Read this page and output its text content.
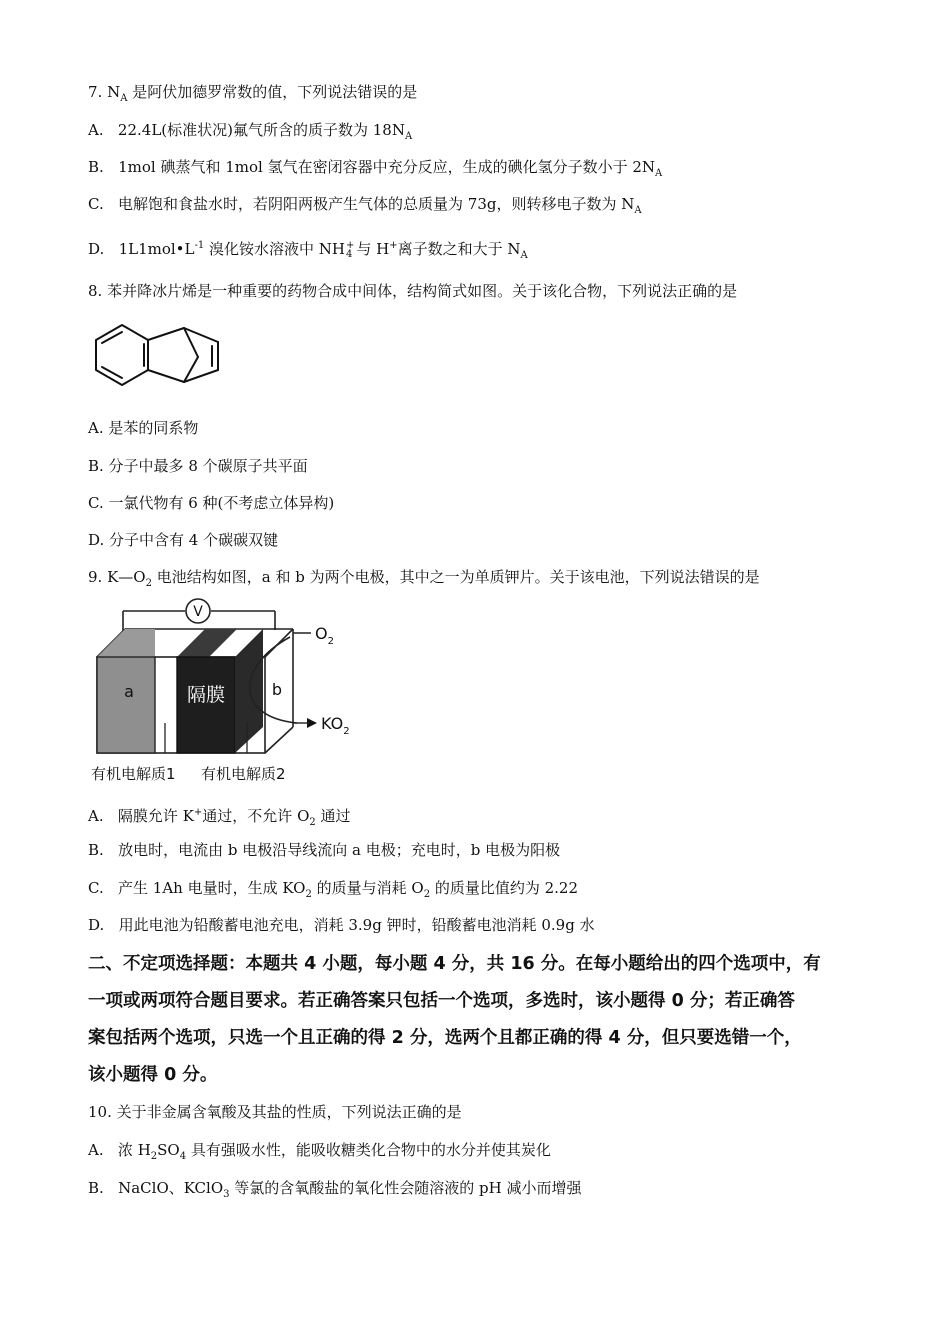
7. $N_A$ 是阿伏加德罗常数的值，下列说法错误的是
A. 22.4L(标准状况)氟气所含的质子数为 $18N_A$
B. 1mol 碘蒸气和 1mol 氢气在密闭容器中充分反应，生成的碘化氢分子数小于 $2N_A$
C. 电解饱和食盐水时，若阴阳两极产生气体的总质量为 73g，则转移电子数为 $N_A$
D. $1L1mol•L^{-1}$ 溴化铵水溶液中 NH +
4 与 H+离子数之和大于 $N_A$
8. 苯并降冰片烯是一种重要的药物合成中间体，结构简式如图。关于该化合物，下列说法正确的是
A. 是苯的同系物
B. 分子中最多 8 个碳原子共平面
C. 一氯代物有 6 种(不考虑立体异构)
D. 分子中含有 4 个碳碳双键
9. $K—O_2$ 电池结构如图，a 和 b 为两个电极，其中之一为单质钾片。关于该电池，下列说法错误的是
V
$O_2$
$KO_2$
a	隔膜	b
有机电解质1 有机电解质2
A. 隔膜允许 K+通过，不允许 $O_2$ 通过
B. 放电时，电流由 b 电极沿导线流向 a 电极；充电时，b 电极为阳极
C. 产生 1Ah 电量时，生成 $KO_2$ 的质量与消耗 $O_2$ 的质量比值约为 2.22
D. 用此电池为铅酸蓄电池充电，消耗 3.9g 钾时，铅酸蓄电池消耗 0.9g 水
二、不定项选择题：本题共 4 小题，每小题 4 分，共 16 分。在每小题给出的四个选项中，有
一项或两项符合题目要求。若正确答案只包括一个选项，多选时，该小题得 0 分；若正确答
案包括两个选项，只选一个且正确的得 2 分，选两个且都正确的得 4 分，但只要选错一个，
该小题得 0 分。
10. 关于非金属含氧酸及其盐的性质，下列说法正确的是
A. 浓 $H_2SO_4$ 具有强吸水性，能吸收糖类化合物中的水分并使其炭化
B. NaClO、KClO$_3$ 等氯的含氧酸盐的氧化性会随溶液的 pH 减小而增强
